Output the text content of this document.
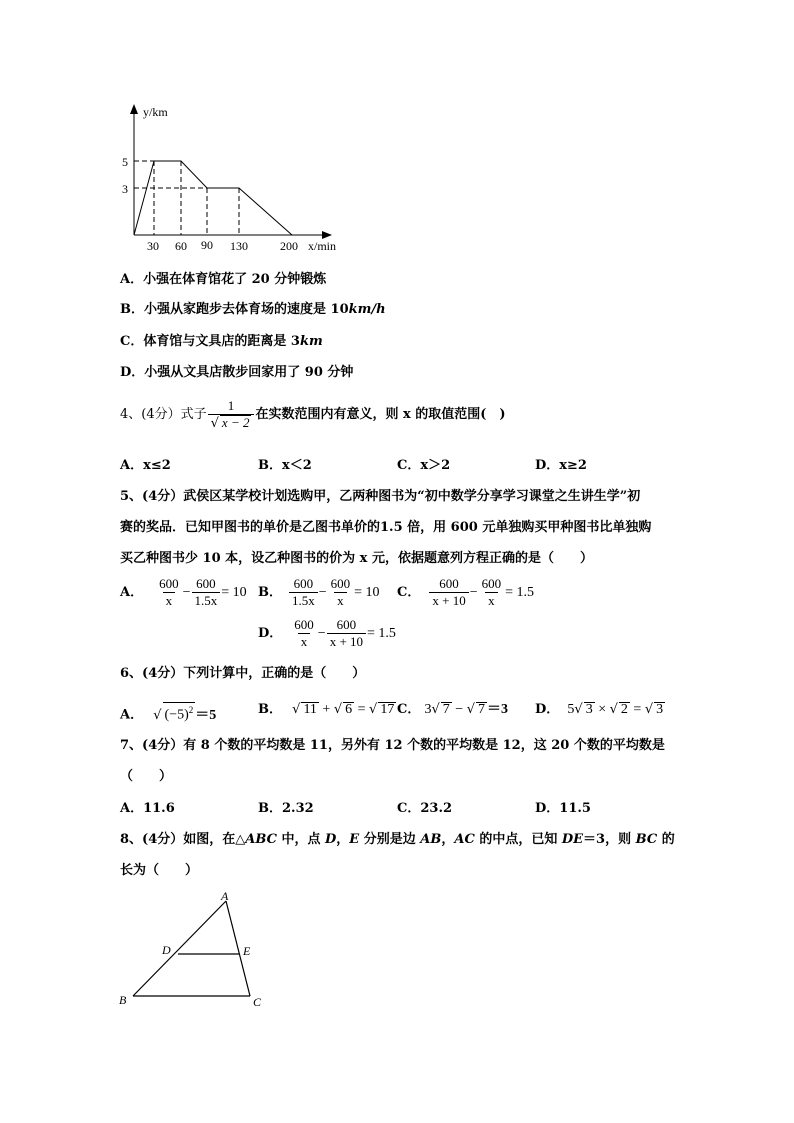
y/km
5
3
30 60 90 130	200 x/min
A．小强在体育馆花了 20 分钟锻炼
B．小强从家跑步去体育场的速度是 10km/h
C．体育馆与文具店的距离是 3km
D．小强从文具店散步回家用了 90 分钟
4、(4分）式子 $\frac{1}{√ x - 2}$ 在实数范围内有意义，则 x 的取值范围(　)
A．x≤2	B．x＜2	C．x＞2	D．x≥2
5、(4分）武侯区某学校计划选购甲，乙两种图书为“初中数学分享学习课堂之生讲生学”初
赛的奖品．已知甲图书的单价是乙图书单价的1.5 倍，用 600 元单独购买甲种图书比单独购
买乙种图书少 10 本，设乙种图书的价为 x 元，依据题意列方程正确的是（　　）
A． $\frac{600}{x} - \frac{600}{1.5x} = 10$ B． $\frac{600}{1.5x} - \frac{600}{x} = 10$ C． $\frac{600}{x + 10} - \frac{600}{x} = 1.5$
D． $\frac{600}{x} - \frac{600}{x + 10} = 1.5$
6、(4分）下列计算中，正确的是（　　）
A． √ $(-5)^2 =5$	B． √ 11 + √ 6 = √ 17 C． 3√ 7 − √ 7 ＝3 D． 5√ 3 × √ 2 = √ 3
7、(4分）有 8 个数的平均数是 11，另外有 12 个数的平均数是 12，这 20 个数的平均数是
（　　）
A．11.6	B．2.32	C．23.2	D．11.5
8、(4分）如图，在△ABC 中，点 D，E 分别是边 AB，AC 的中点，已知 DE＝3，则 BC 的
长为（　　）
A
D	E
B	C
